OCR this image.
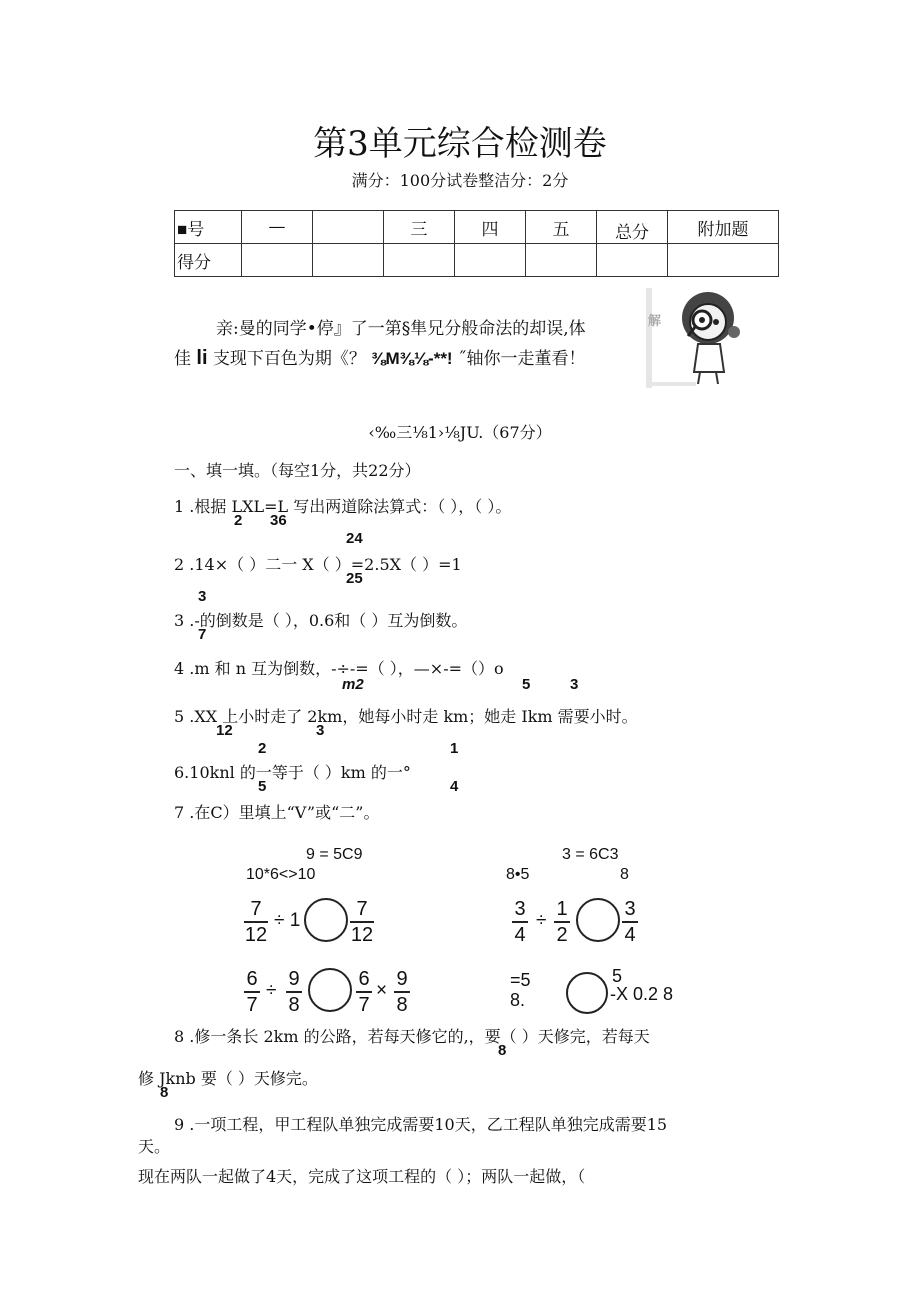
第3单元综合检测卷
满分：100分试卷整洁分：2分
■号	—		三	四	五	总分	附加题
得分							
亲:曼的同学•停』了一第§隼兄分般命法的却误,体
佳 li 支现下百色为期《？ ⅜M⅜⅛-**! ˝轴你一走董看！
解
‹‰三⅛1›⅛JU.（67分）
一、填一填。（每空1分，共22分）
1 .根据 LXL=L 写出两道除法算式：（ ），（ ）。
2 36
24
2 .14×（ ）二一 X（ ）=2.5X（ ）=1
25
3
3 .-的倒数是（ ），0.6和（ ）互为倒数。
7
4 .m 和 n 互为倒数，-÷-=（ ），—×-=（）o
m2	5	3
5 .XX 上小时走了 2km，她每小时走 km；她走 Ikm 需要小时。
12	3
2	1
6.10knl 的一等于（ ）km 的一°
5	4
7 .在C）里填上“V”或“二”。
9 = 5C9
10*6<>10
3 = 6C3
8•5	8
7
12
÷ 1
7
12
3
4
÷
1
2
3
4
6
7
÷
9
8
6
7
×
9
8
=5
8.
5
-X 0.2 8
8 .修一条长 2km 的公路，若每天修它的,，要（ ）天修完，若每天
8
修 Jknb 要（ ）天修完。
8
9 .一项工程，甲工程队单独完成需要10天，乙工程队单独完成需要15
天。
现在两队一起做了4天，完成了这项工程的（ ）；两队一起做，（
